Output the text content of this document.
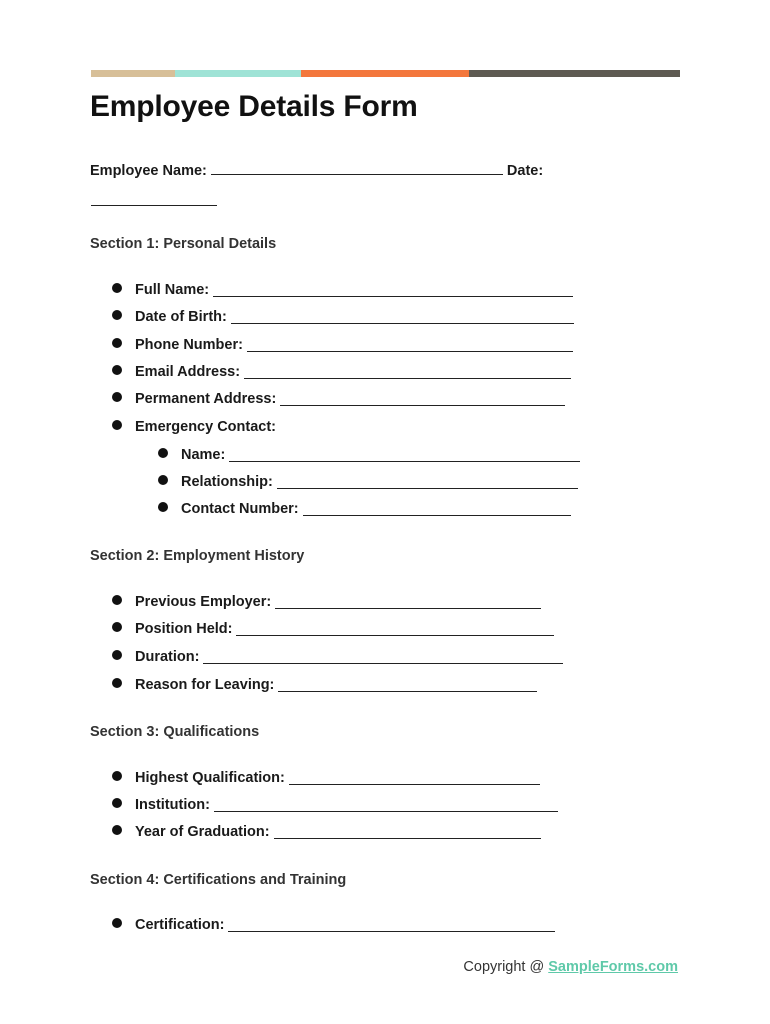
Employee Details Form
Employee Name:	Date:
Section 1: Personal Details
Full Name:
Date of Birth:
Phone Number:
Email Address:
Permanent Address:
Emergency Contact:
Name:
Relationship:
Contact Number:
Section 2: Employment History
Previous Employer:
Position Held:
Duration:
Reason for Leaving:
Section 3: Qualifications
Highest Qualification:
Institution:
Year of Graduation:
Section 4: Certifications and Training
Certification:
Copyright @ SampleForms.com
